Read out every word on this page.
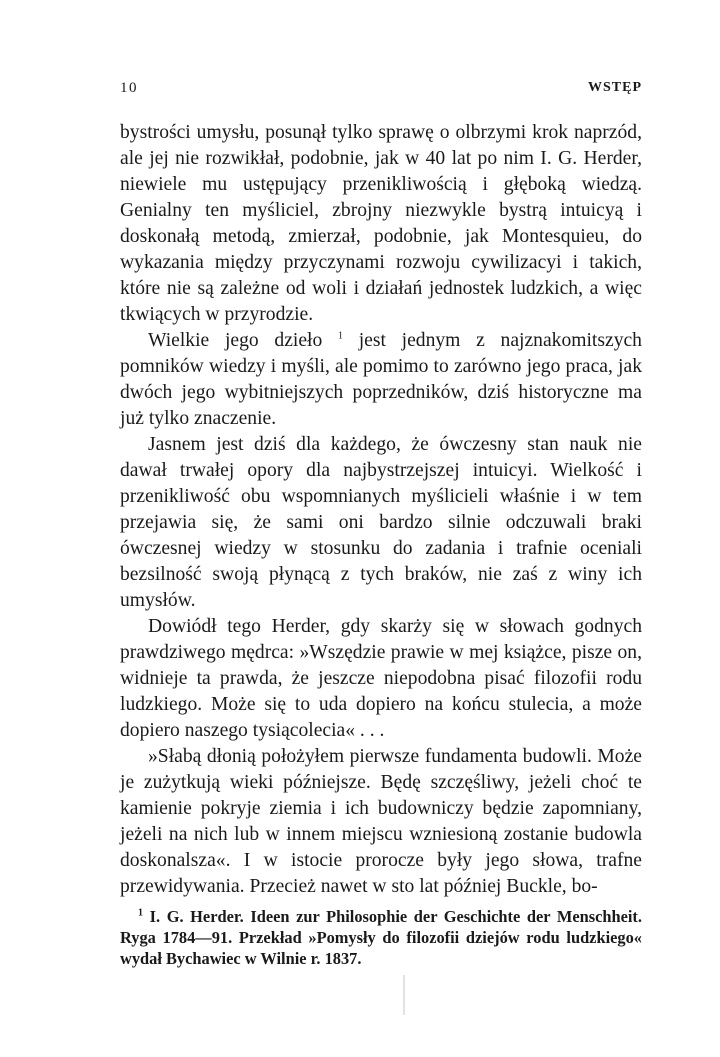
10	WSTĘP

bystrości umysłu, posunął tylko sprawę o olbrzymi krok naprzód, ale jej nie rozwikłał, podobnie, jak w 40 lat po nim I. G. Herder, niewiele mu ustępujący przenikliwością i głęboką wiedzą. Genialny ten myśliciel, zbrojny niezwykle bystrą intuicyą i doskonałą metodą, zmierzał, podobnie, jak Montesquieu, do wykazania między przyczynami rozwoju cywilizacyi i takich, które nie są zależne od woli i działań jednostek ludzkich, a więc tkwiących w przyrodzie.

Wielkie jego dzieło $^1$ jest jednym z najznakomitszych pomników wiedzy i myśli, ale pomimo to zarówno jego praca, jak dwóch jego wybitniejszych poprzedników, dziś historyczne ma już tylko znaczenie.

Jasnem jest dziś dla każdego, że ówczesny stan nauk nie dawał trwałej opory dla najbystrzejszej intuicyi. Wielkość i przenikliwość obu wspomnianych myślicieli właśnie i w tem przejawia się, że sami oni bardzo silnie odczuwali braki ówczesnej wiedzy w stosunku do zadania i trafnie oceniali bezsilność swoją płynącą z tych braków, nie zaś z winy ich umysłów.

Dowiódł tego Herder, gdy skarży się w słowach godnych prawdziwego mędrca: »Wszędzie prawie w mej książce, pisze on, widnieje ta prawda, że jeszcze niepodobna pisać filozofii rodu ludzkiego. Może się to uda dopiero na końcu stulecia, a może dopiero naszego tysiącolecia« . . .

»Słabą dłonią położyłem pierwsze fundamenta budowli. Może je zużytkują wieki późniejsze. Będę szczęśliwy, jeżeli choć te kamienie pokryje ziemia i ich budowniczy będzie zapomniany, jeżeli na nich lub w innem miejscu wzniesioną zostanie budowla doskonalsza«. I w istocie prorocze były jego słowa, trafne przewidywania. Przecież nawet w sto lat później Buckle, bo-

$^1$ I. G. Herder. Ideen zur Philosophie der Geschichte der Menschheit. Ryga 1784—91. Przekład »Pomysły do filozofii dziejów rodu ludzkiego« wydał Bychawiec w Wilnie r. 1837.
